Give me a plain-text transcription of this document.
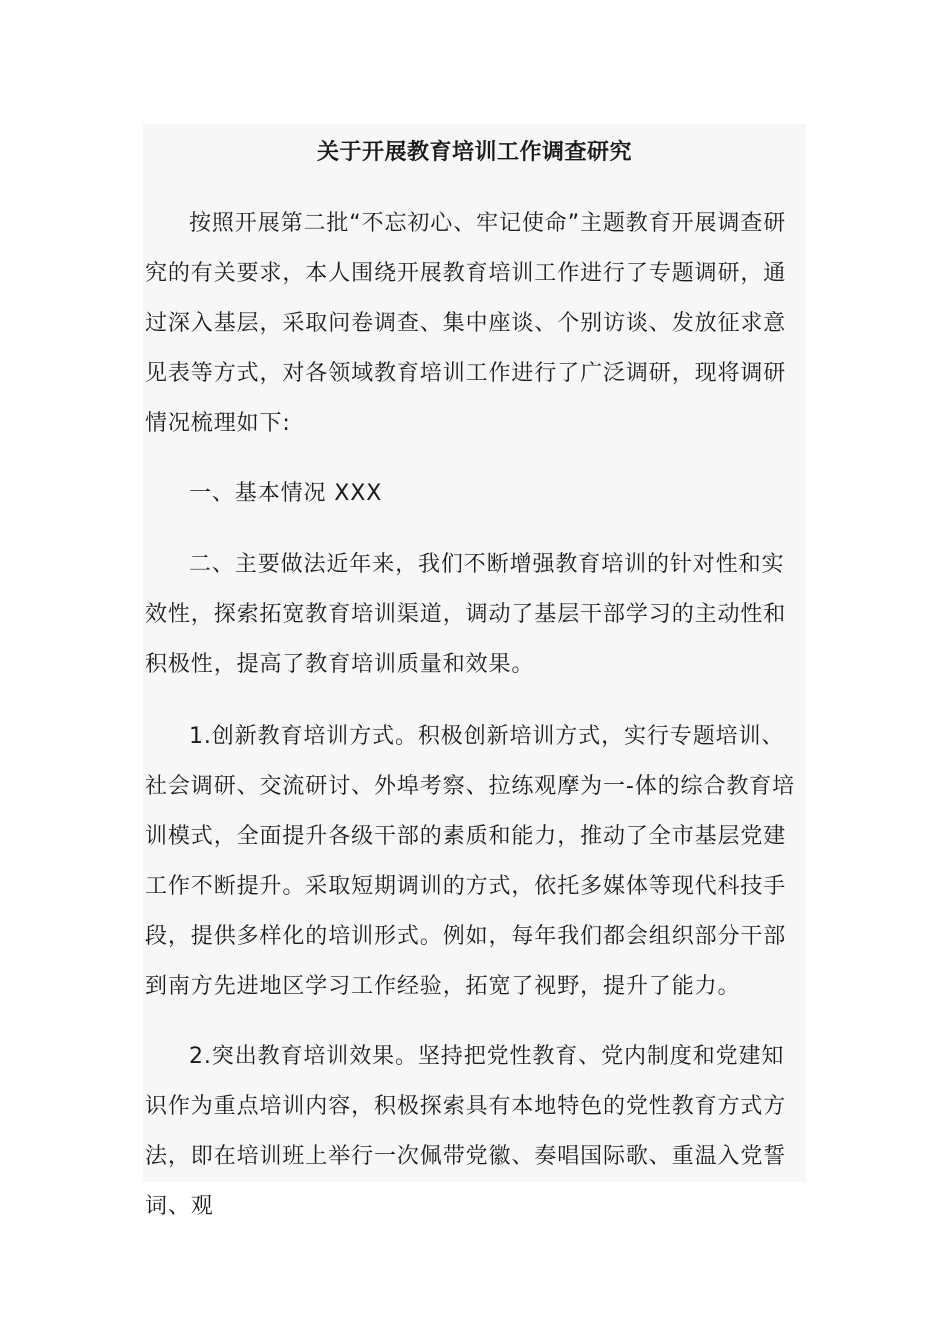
关于开展教育培训工作调查研究

按照开展第二批“不忘初心、牢记使命”主题教育开展调查研究的有关要求，本人围绕开展教育培训工作进行了专题调研，通过深入基层，采取问卷调查、集中座谈、个别访谈、发放征求意见表等方式，对各领域教育培训工作进行了广泛调研，现将调研情况梳理如下:

一、基本情况 XXX

二、主要做法近年来，我们不断增强教育培训的针对性和实效性，探索拓宽教育培训渠道，调动了基层干部学习的主动性和积极性，提高了教育培训质量和效果。

1.创新教育培训方式。积极创新培训方式，实行专题培训、社会调研、交流研讨、外埠考察、拉练观摩为一-体的综合教育培训模式，全面提升各级干部的素质和能力，推动了全市基层党建工作不断提升。采取短期调训的方式，依托多媒体等现代科技手段，提供多样化的培训形式。例如，每年我们都会组织部分干部到南方先进地区学习工作经验，拓宽了视野，提升了能力。

2.突出教育培训效果。坚持把党性教育、党内制度和党建知识作为重点培训内容，积极探索具有本地特色的党性教育方式方法，即在培训班上举行一次佩带党徽、奏唱国际歌、重温入党誓词、观
